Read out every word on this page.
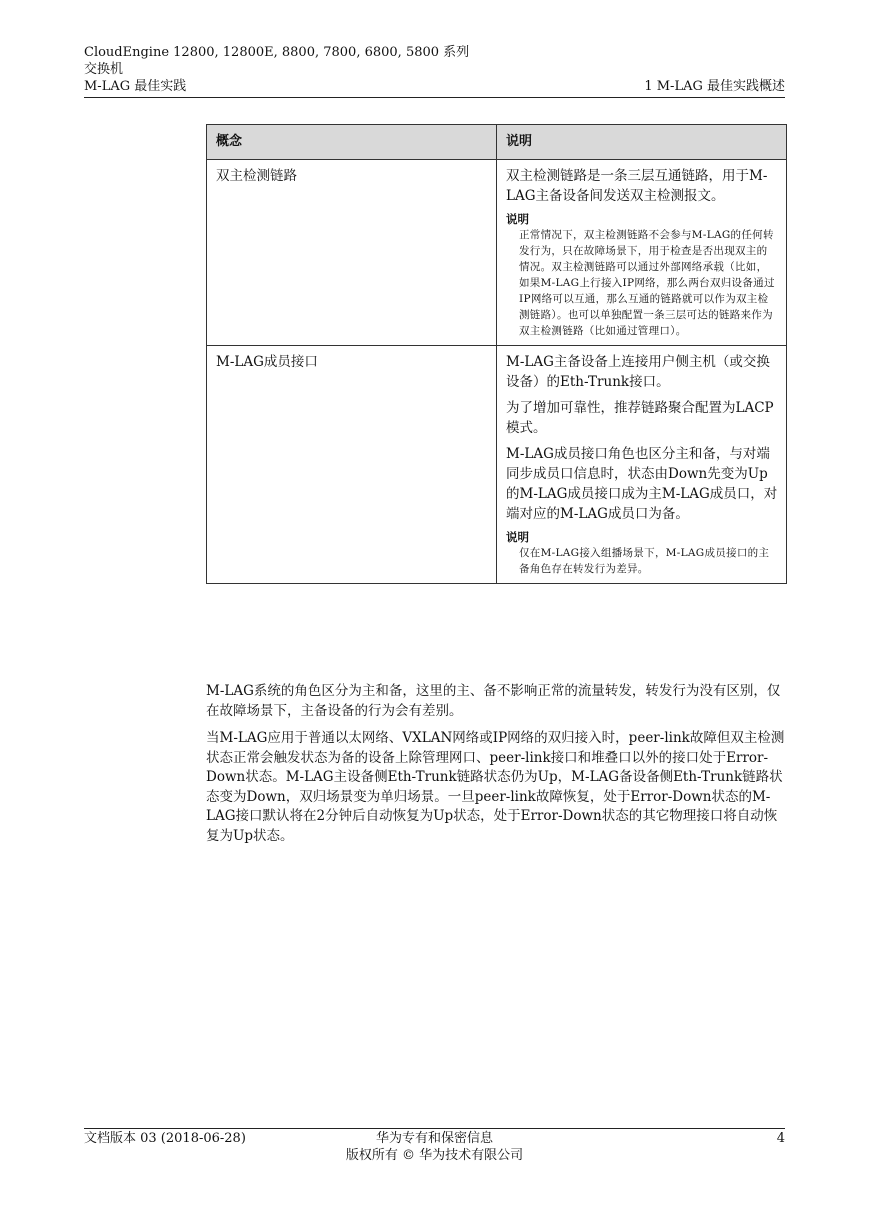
CloudEngine 12800, 12800E, 8800, 7800, 6800, 5800 系列
交换机
M-LAG 最佳实践	1 M-LAG 最佳实践概述
概念	说明
双主检测链路	双主检测链路是一条三层互通链路，用于M-LAG主备设备间发送双主检测报文。
说明
正常情况下，双主检测链路不会参与M-LAG的任何转发行为，只在故障场景下，用于检查是否出现双主的情况。双主检测链路可以通过外部网络承载（比如，如果M-LAG上行接入IP网络，那么两台双归设备通过IP网络可以互通，那么互通的链路就可以作为双主检测链路）。也可以单独配置一条三层可达的链路来作为双主检测链路（比如通过管理口）。

M-LAG成员接口	M-LAG主备设备上连接用户侧主机（或交换设备）的Eth-Trunk接口。
为了增加可靠性，推荐链路聚合配置为LACP模式。
M-LAG成员接口角色也区分主和备，与对端同步成员口信息时，状态由Down先变为Up的M-LAG成员接口成为主M-LAG成员口，对端对应的M-LAG成员口为备。
说明
仅在M-LAG接入组播场景下，M-LAG成员接口的主备角色存在转发行为差异。

M-LAG系统的角色区分为主和备，这里的主、备不影响正常的流量转发，转发行为没有区别，仅在故障场景下，主备设备的行为会有差别。

当M-LAG应用于普通以太网络、VXLAN网络或IP网络的双归接入时，peer-link故障但双主检测状态正常会触发状态为备的设备上除管理网口、peer-link接口和堆叠口以外的接口处于Error-Down状态。M-LAG主设备侧Eth-Trunk链路状态仍为Up，M-LAG备设备侧Eth-Trunk链路状态变为Down，双归场景变为单归场景。一旦peer-link故障恢复，处于Error-Down状态的M-LAG接口默认将在2分钟后自动恢复为Up状态，处于Error-Down状态的其它物理接口将自动恢复为Up状态。

文档版本 03 (2018-06-28)	华为专有和保密信息
版权所有 © 华为技术有限公司
4
